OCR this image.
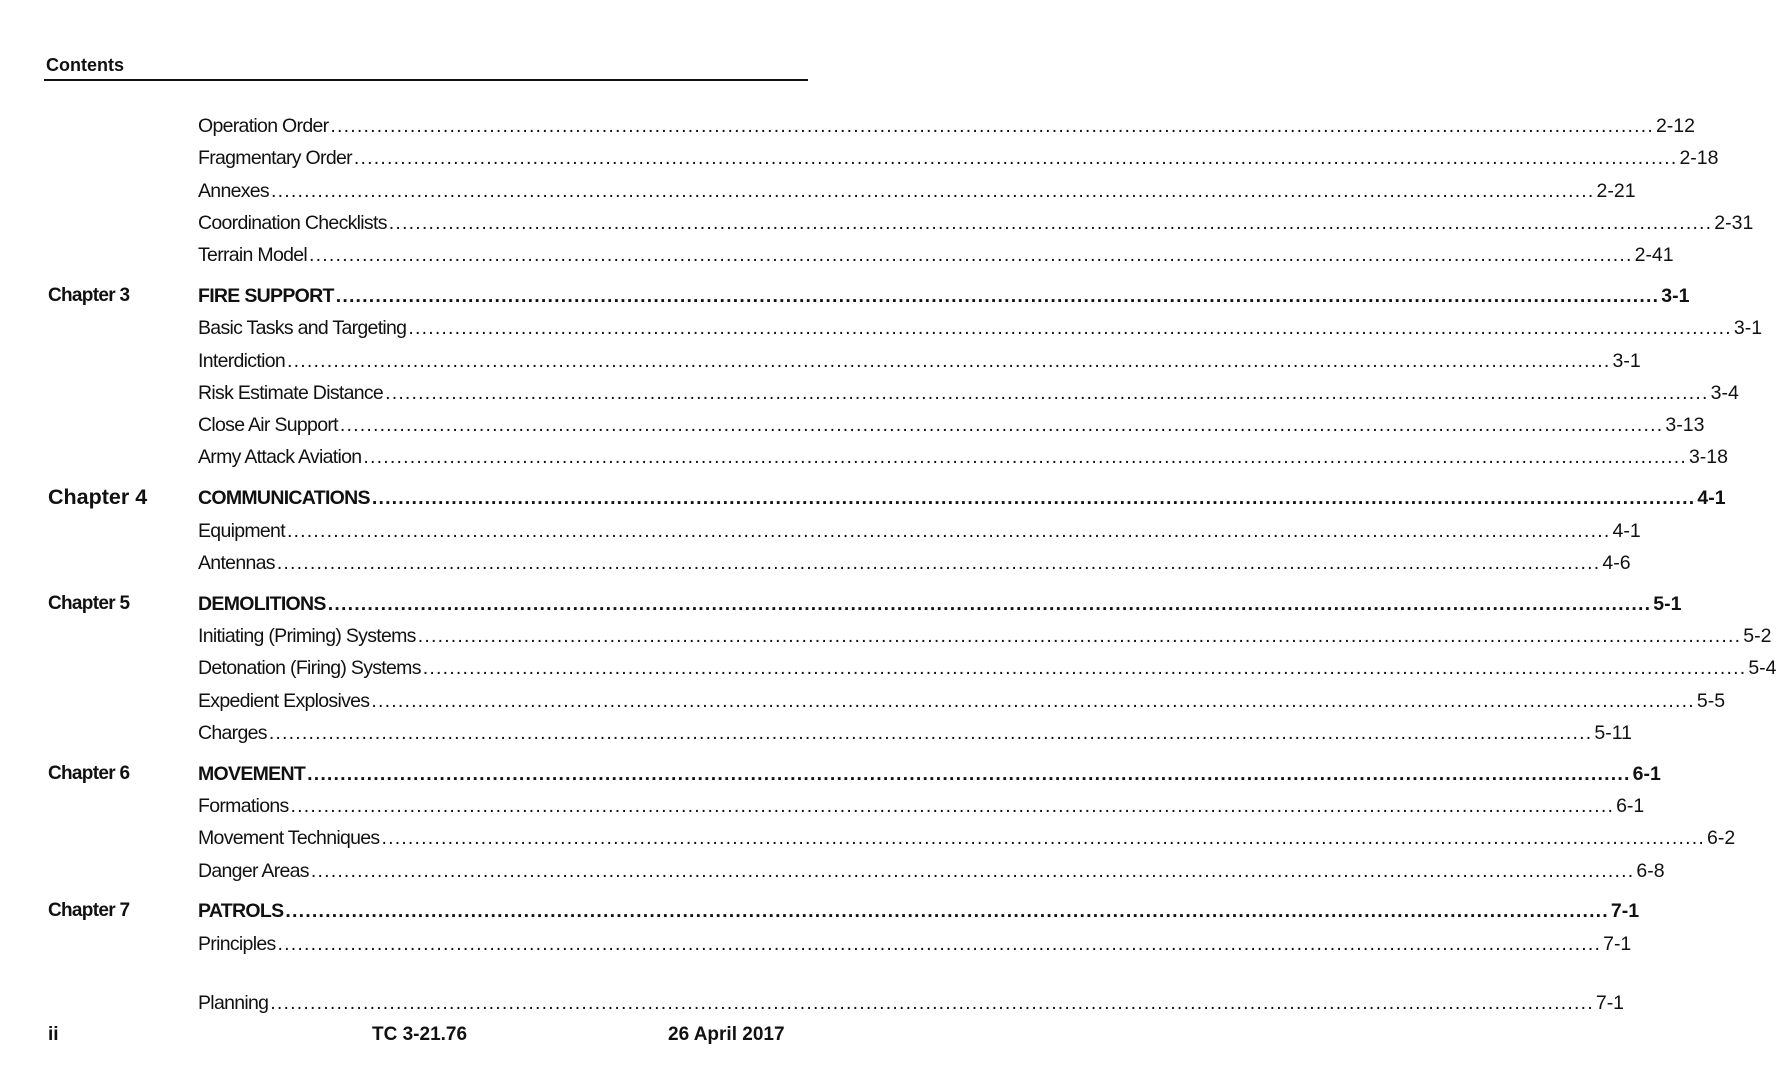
Contents
Operation Order ........................................................................................................................................................................................................ 2-12
Fragmentary Order ........................................................................................................................................................................................................ 2-18
Annexes ........................................................................................................................................................................................................ 2-21
Coordination Checklists ........................................................................................................................................................................................................ 2-31
Terrain Model ........................................................................................................................................................................................................ 2-41
Chapter 3	FIRE SUPPORT ........................................................................................................................................................................................................ 3-1
Basic Tasks and Targeting ........................................................................................................................................................................................................ 3-1
Interdiction ........................................................................................................................................................................................................ 3-1
Risk Estimate Distance ........................................................................................................................................................................................................ 3-4
Close Air Support ........................................................................................................................................................................................................ 3-13
Army Attack Aviation ........................................................................................................................................................................................................ 3-18
Chapter 4	COMMUNICATIONS ........................................................................................................................................................................................................ 4-1
Equipment ........................................................................................................................................................................................................ 4-1
Antennas ........................................................................................................................................................................................................ 4-6
Chapter 5	DEMOLITIONS ........................................................................................................................................................................................................ 5-1
Initiating (Priming) Systems ........................................................................................................................................................................................................ 5-2
Detonation (Firing) Systems ........................................................................................................................................................................................................ 5-4
Expedient Explosives ........................................................................................................................................................................................................ 5-5
Charges ........................................................................................................................................................................................................ 5-11
Chapter 6	MOVEMENT ........................................................................................................................................................................................................ 6-1
Formations ........................................................................................................................................................................................................ 6-1
Movement Techniques ........................................................................................................................................................................................................ 6-2
Danger Areas ........................................................................................................................................................................................................ 6-8
Chapter 7	PATROLS ........................................................................................................................................................................................................ 7-1
Principles ........................................................................................................................................................................................................ 7-1
Planning ........................................................................................................................................................................................................ 7-1
ii	TC 3-21.76	26 April 2017
